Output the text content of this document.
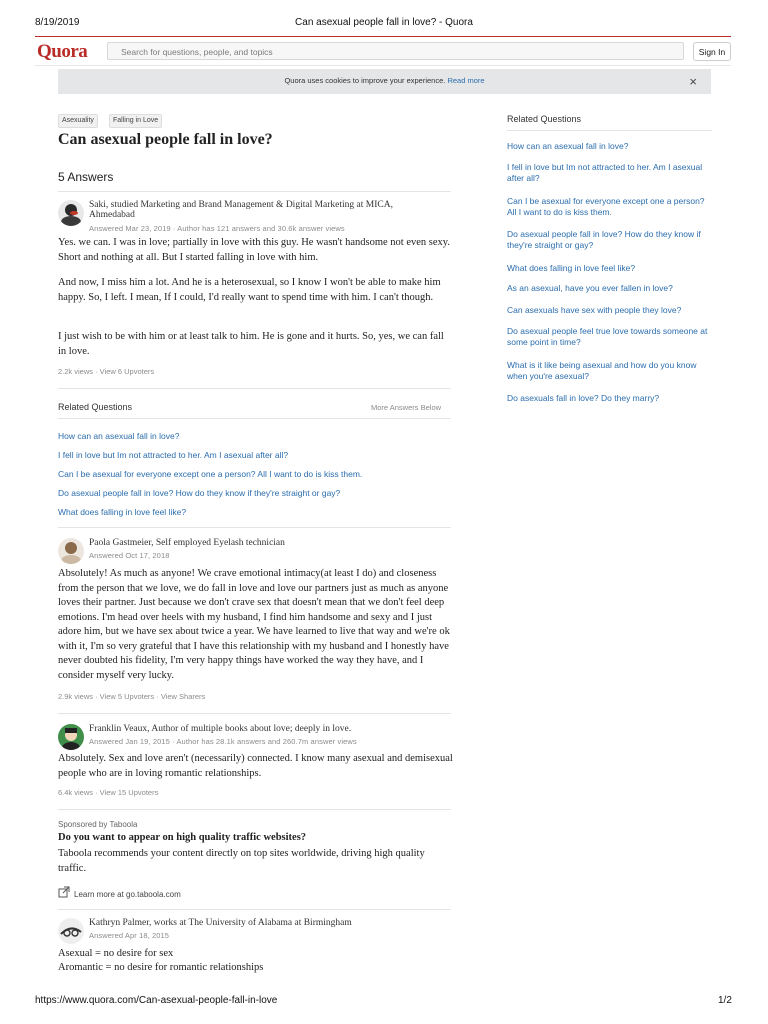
8/19/2019	Can asexual people fall in love? - Quora
Quora	Search for questions, people, and topics	Sign In
Quora uses cookies to improve your experience. Read more	×
Asexuality	Falling in Love
Can asexual people fall in love?
5 Answers
Saki, studied Marketing and Brand Management & Digital Marketing at MICA, Ahmedabad
Answered Mar 23, 2019 · Author has 121 answers and 30.6k answer views

Yes. we can. I was in love; partially in love with this guy. He wasn't handsome not even sexy. Short and nothing at all. But I started falling in love with him.

And now, I miss him a lot. And he is a heterosexual, so I know I won't be able to make him happy. So, I left. I mean, If I could, I'd really want to spend time with him. I can't though.

I just wish to be with him or at least talk to him. He is gone and it hurts. So, yes, we can fall in love.

2.2k views · View 6 Upvoters
Related Questions	More Answers Below
How can an asexual fall in love?
I fell in love but Im not attracted to her. Am I asexual after all?
Can I be asexual for everyone except one a person? All I want to do is kiss them.
Do asexual people fall in love? How do they know if they're straight or gay?
What does falling in love feel like?
Paola Gastmeier, Self employed Eyelash technician
Answered Oct 17, 2018

Absolutely! As much as anyone! We crave emotional intimacy(at least I do) and closeness from the person that we love, we do fall in love and love our partners just as much as anyone loves their partner. Just because we don't crave sex that doesn't mean that we don't feel deep emotions. I'm head over heels with my husband, I find him handsome and sexy and I just adore him, but we have sex about twice a year. We have learned to live that way and we're ok with it, I'm so very grateful that I have this relationship with my husband and I honestly have never doubted his fidelity, I'm very happy things have worked the way they have, and I consider myself very lucky.

2.9k views · View 5 Upvoters · View Sharers
Franklin Veaux, Author of multiple books about love; deeply in love.
Answered Jan 19, 2015 · Author has 28.1k answers and 260.7m answer views

Absolutely. Sex and love aren't (necessarily) connected. I know many asexual and demisexual people who are in loving romantic relationships.

6.4k views · View 15 Upvoters
Sponsored by Taboola
Do you want to appear on high quality traffic websites?

Taboola recommends your content directly on top sites worldwide, driving high quality traffic.

Learn more at go.taboola.com
Kathryn Palmer, works at The University of Alabama at Birmingham
Answered Apr 18, 2015

Asexual = no desire for sex

Aromantic = no desire for romantic relationships

Related Questions
How can an asexual fall in love?
I fell in love but Im not attracted to her. Am I asexual after all?
Can I be asexual for everyone except one a person? All I want to do is kiss them.
Do asexual people fall in love? How do they know if they're straight or gay?
What does falling in love feel like?
As an asexual, have you ever fallen in love?
Can asexuals have sex with people they love?
Do asexual people feel true love towards someone at some point in time?
What is it like being asexual and how do you know when you're asexual?
Do asexuals fall in love? Do they marry?
https://www.quora.com/Can-asexual-people-fall-in-love	1/2
